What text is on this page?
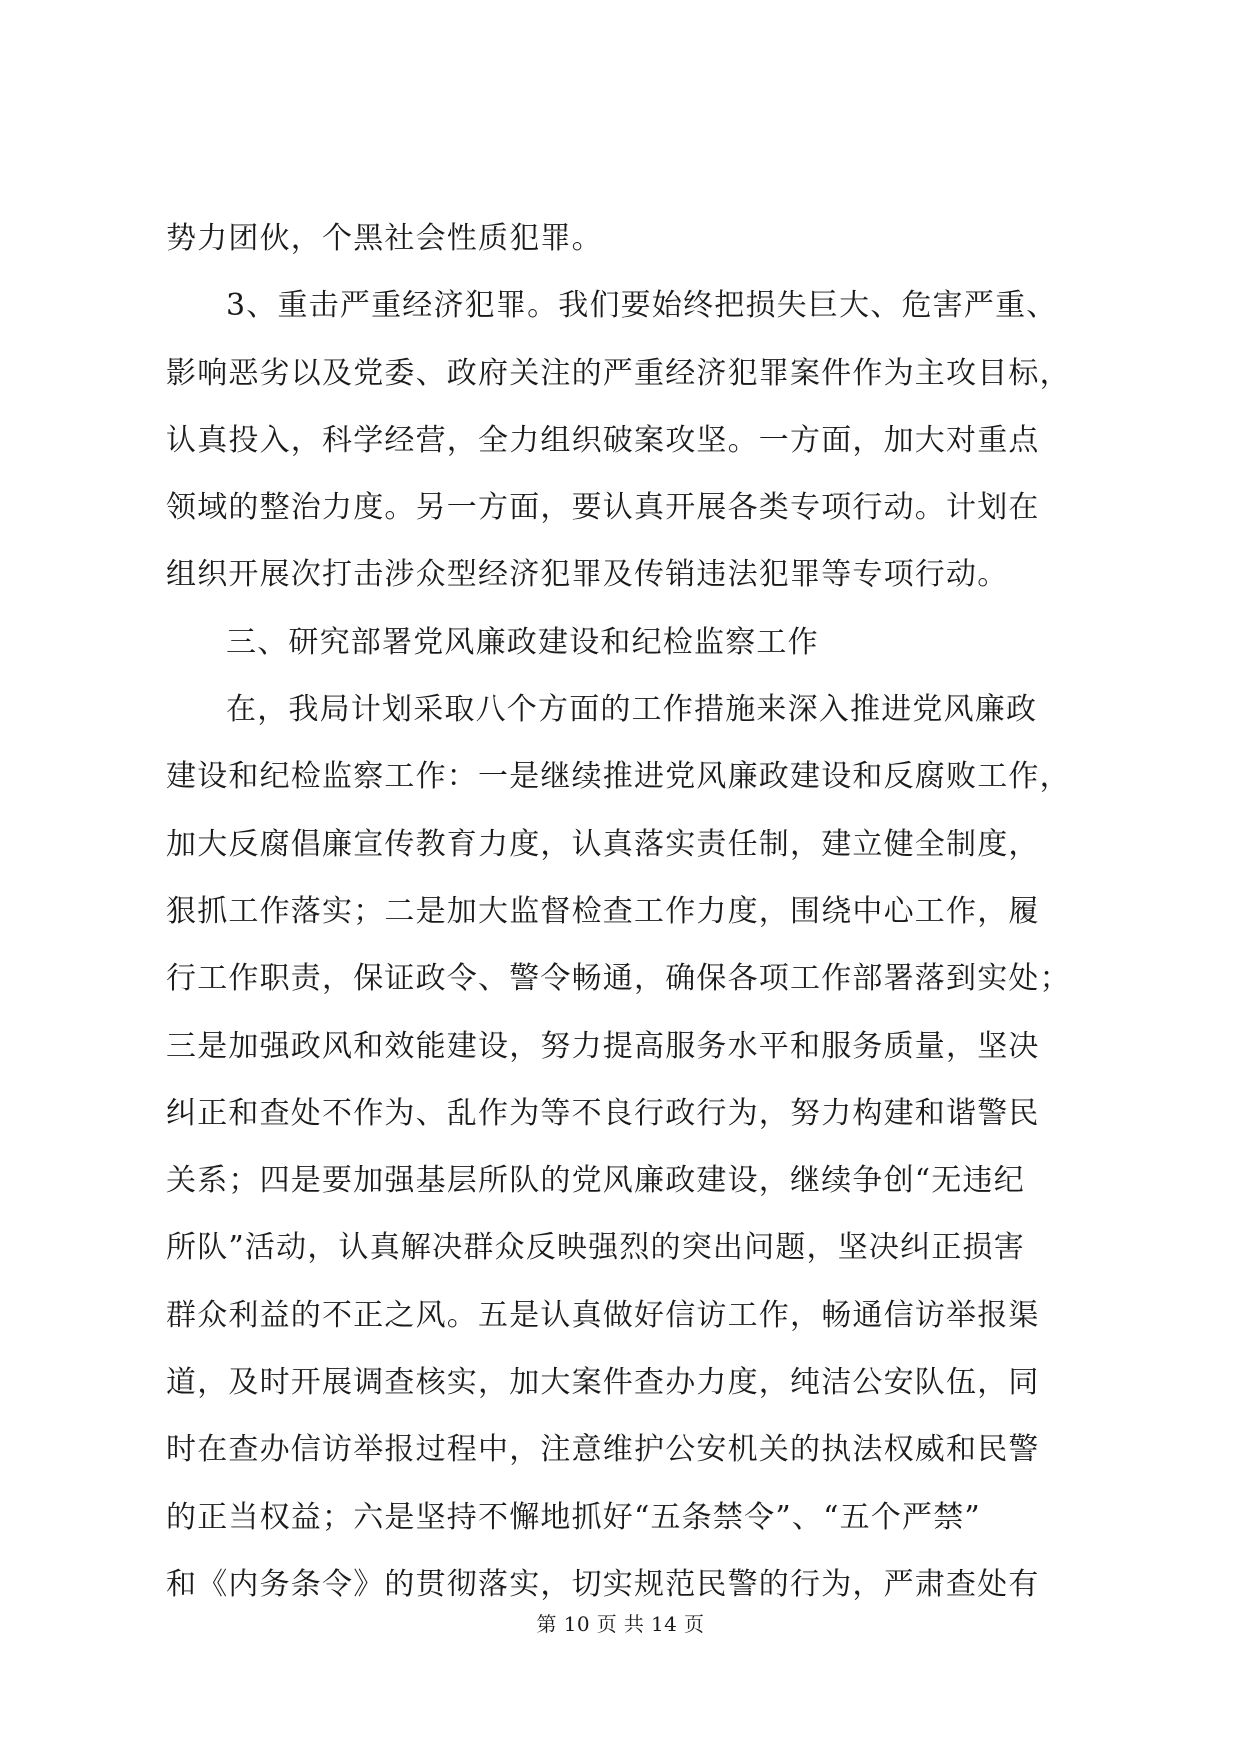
势力团伙，个黑社会性质犯罪。
3、重击严重经济犯罪。我们要始终把损失巨大、危害严重、
影响恶劣以及党委、政府关注的严重经济犯罪案件作为主攻目标，
认真投入，科学经营，全力组织破案攻坚。一方面，加大对重点
领域的整治力度。另一方面，要认真开展各类专项行动。计划在
组织开展次打击涉众型经济犯罪及传销违法犯罪等专项行动。
三、研究部署党风廉政建设和纪检监察工作
在，我局计划采取八个方面的工作措施来深入推进党风廉政
建设和纪检监察工作：一是继续推进党风廉政建设和反腐败工作，
加大反腐倡廉宣传教育力度，认真落实责任制，建立健全制度，
狠抓工作落实；二是加大监督检查工作力度，围绕中心工作，履
行工作职责，保证政令、警令畅通，确保各项工作部署落到实处；
三是加强政风和效能建设，努力提高服务水平和服务质量，坚决
纠正和查处不作为、乱作为等不良行政行为，努力构建和谐警民
关系；四是要加强基层所队的党风廉政建设，继续争创“无违纪
所队”活动，认真解决群众反映强烈的突出问题，坚决纠正损害
群众利益的不正之风。五是认真做好信访工作，畅通信访举报渠
道，及时开展调查核实，加大案件查办力度，纯洁公安队伍，同
时在查办信访举报过程中，注意维护公安机关的执法权威和民警
的正当权益；六是坚持不懈地抓好“五条禁令”、“五个严禁”
和《内务条令》的贯彻落实，切实规范民警的行为，严肃查处有
第 10 页 共 14 页
